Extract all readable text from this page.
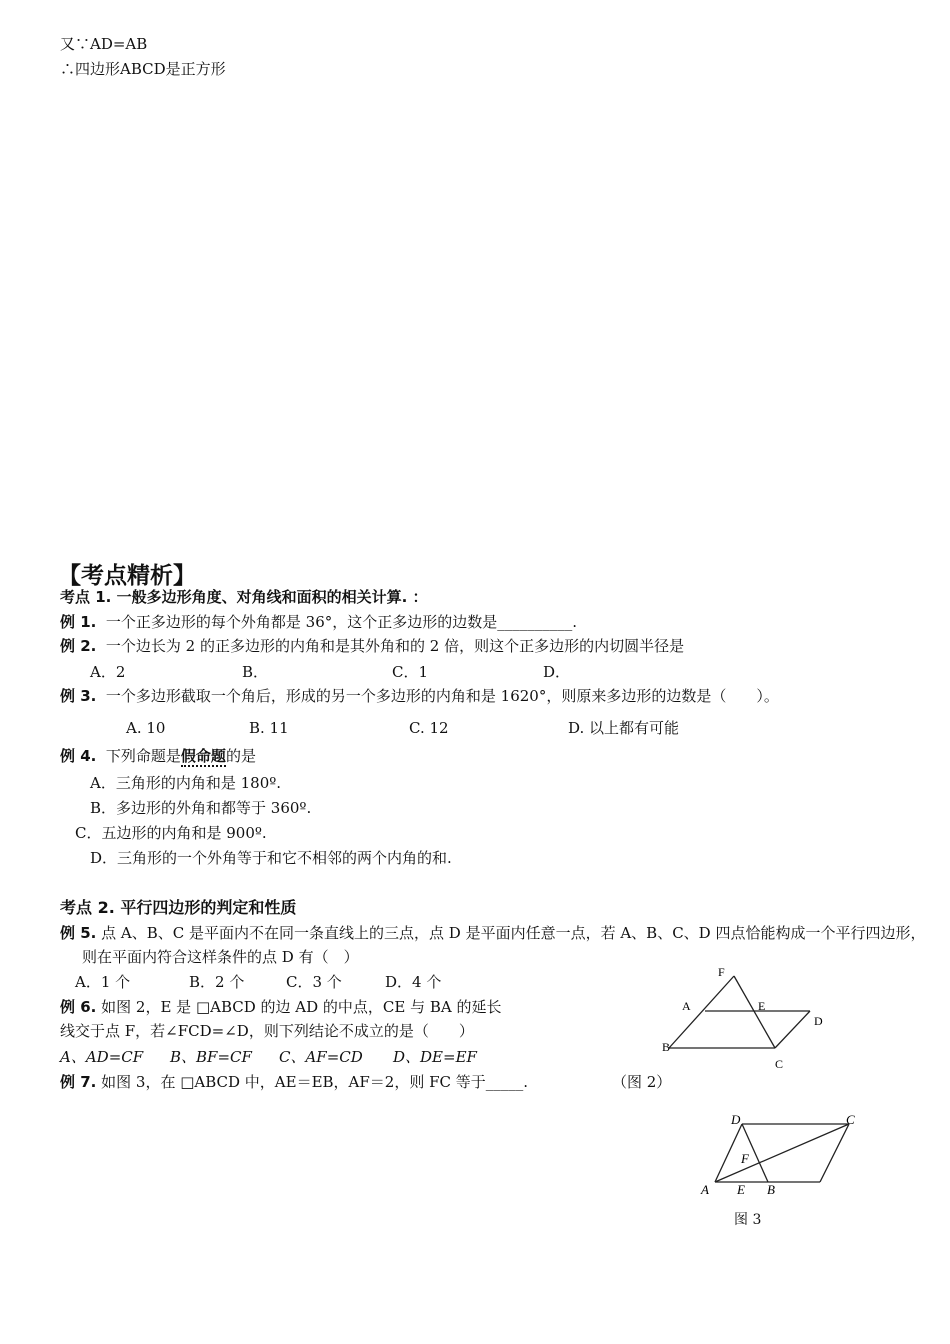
又∵AD=AB
∴四边形ABCD是正方形
【考点精析】
考点 1. 一般多边形角度、对角线和面积的相关计算. ：
例 1. 一个正多边形的每个外角都是 36°，这个正多边形的边数是__________.
例 2. 一个边长为 2 的正多边形的内角和是其外角和的 2 倍，则这个正多边形的内切圆半径是
A．2	B．	C．1	D．
例 3. 一个多边形截取一个角后，形成的另一个多边形的内角和是 1620°，则原来多边形的边数是（　　）。
A. 10	B. 11	C. 12	D. 以上都有可能
例 4. 下列命题是假命题的是
A．三角形的内角和是 180º.
B．多边形的外角和都等于 360º.
C．五边形的内角和是 900º.
D．三角形的一个外角等于和它不相邻的两个内角的和.
考点 2. 平行四边形的判定和性质
例 5. 点 A、B、C 是平面内不在同一条直线上的三点，点 D 是平面内任意一点，若 A、B、C、D 四点恰能构成一个平行四边形，
则在平面内符合这样条件的点 D 有（　）
A．1 个	B．2 个	C．3 个	D．4 个
例 6. 如图 2，E 是 □ABCD 的边 AD 的中点，CE 与 BA 的延长
线交于点 F，若∠FCD=∠D，则下列结论不成立的是（　　）
A、AD=CF B、BF=CF C、AF=CD D、DE=EF
例 7. 如图 3，在 □ABCD 中，AE＝EB，AF＝2，则 FC 等于_____.	（图 2）
F
A	E
D
B
C
D	C
F
A E B
图 3
